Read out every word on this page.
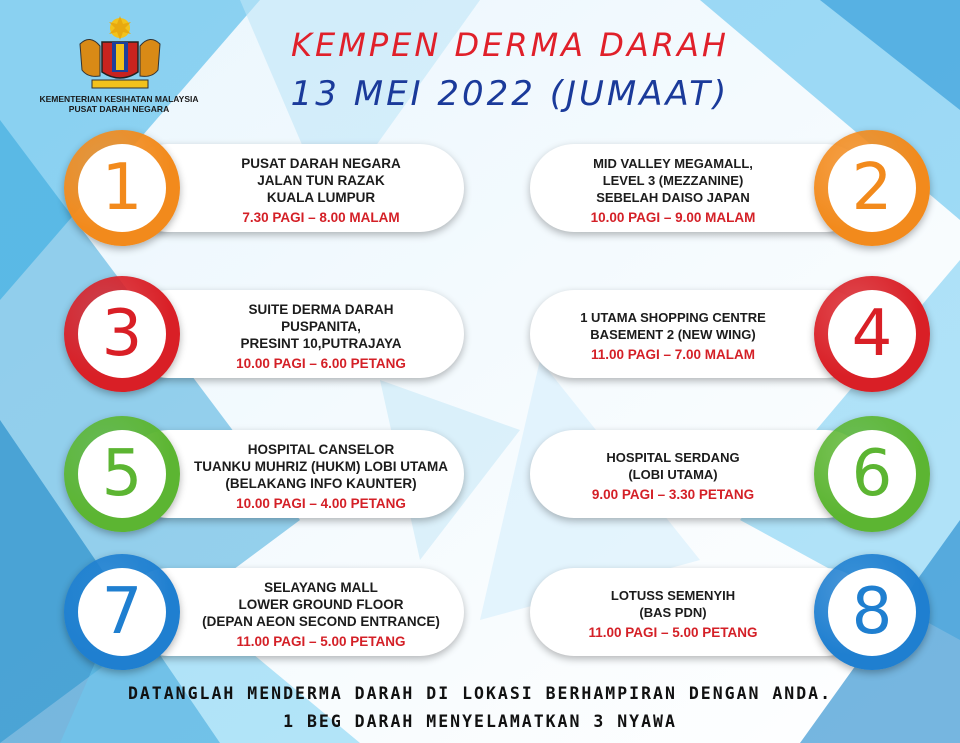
KEMENTERIAN KESIHATAN MALAYSIA
PUSAT DARAH NEGARA
KEMPEN DERMA DARAH
13 MEI 2022 (JUMAAT)
1	PUSAT DARAH NEGARA
JALAN TUN RAZAK
KUALA LUMPUR
7.30 PAGI – 8.00 MALAM	2
MID VALLEY MEGAMALL,
LEVEL 3 (MEZZANINE)
SEBELAH DAISO JAPAN
10.00 PAGI – 9.00 MALAM
3	SUITE DERMA DARAH
PUSPANITA,
PRESINT 10,PUTRAJAYA
10.00 PAGI – 6.00 PETANG	4
1 UTAMA SHOPPING CENTRE
BASEMENT 2 (NEW WING)
11.00 PAGI – 7.00 MALAM
5	HOSPITAL CANSELOR
TUANKU MUHRIZ (HUKM) LOBI UTAMA
(BELAKANG INFO KAUNTER)
10.00 PAGI – 4.00 PETANG	6
HOSPITAL SERDANG
(LOBI UTAMA)
9.00 PAGI – 3.30 PETANG
7	SELAYANG MALL
LOWER GROUND FLOOR
(DEPAN AEON SECOND ENTRANCE)
11.00 PAGI – 5.00 PETANG	8
LOTUSS SEMENYIH
(BAS PDN)
11.00 PAGI – 5.00 PETANG
DATANGLAH MENDERMA DARAH DI LOKASI BERHAMPIRAN DENGAN ANDA.
1 BEG DARAH MENYELAMATKAN 3 NYAWA
